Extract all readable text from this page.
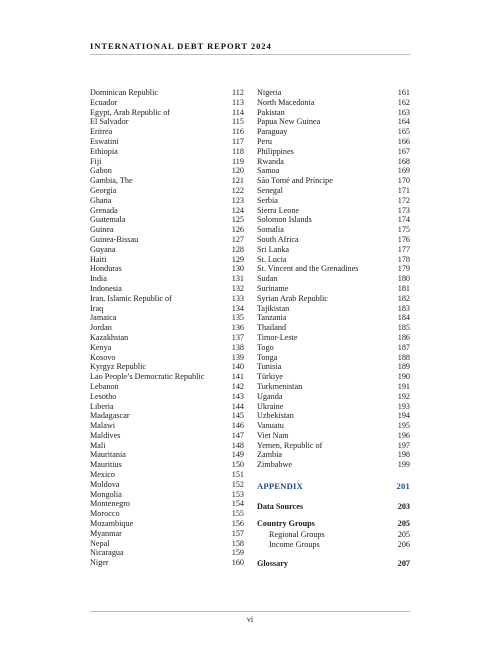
INTERNATIONAL DEBT REPORT 2024
Dominican Republic	112
Ecuador	113
Egypt, Arab Republic of	114
El Salvador	115
Eritrea	116
Eswatini	117
Ethiopia	118
Fiji	119
Gabon	120
Gambia, The	121
Georgia	122
Ghana	123
Grenada	124
Guatemala	125
Guinea	126
Guinea-Bissau	127
Guyana	128
Haiti	129
Honduras	130
India	131
Indonesia	132
Iran, Islamic Republic of	133
Iraq	134
Jamaica	135
Jordan	136
Kazakhstan	137
Kenya	138
Kosovo	139
Kyrgyz Republic	140
Lao People’s Democratic Republic	141
Lebanon	142
Lesotho	143
Liberia	144
Madagascar	145
Malawi	146
Maldives	147
Mali	148
Mauritania	149
Mauritius	150
Mexico	151
Moldova	152
Mongolia	153
Montenegro	154
Morocco	155
Mozambique	156
Myanmar	157
Nepal	158
Nicaragua	159
Niger	160
Nigeria	161
North Macedonia	162
Pakistan	163
Papua New Guinea	164
Paraguay	165
Peru	166
Philippines	167
Rwanda	168
Samoa	169
São Tomé and Príncipe	170
Senegal	171
Serbia	172
Sierra Leone	173
Solomon Islands	174
Somalia	175
South Africa	176
Sri Lanka	177
St. Lucia	178
St. Vincent and the Grenadines	179
Sudan	180
Suriname	181
Syrian Arab Republic	182
Tajikistan	183
Tanzania	184
Thailand	185
Timor-Leste	186
Togo	187
Tonga	188
Tunisia	189
Türkiye	190
Turkmenistan	191
Uganda	192
Ukraine	193
Uzbekistan	194
Vanuatu	195
Viet Nam	196
Yemen, Republic of	197
Zambia	198
Zimbabwe	199
APPENDIX	201
Data Sources	203
Country Groups	205
Regional Groups	205
Income Groups	206
Glossary	207
vi
